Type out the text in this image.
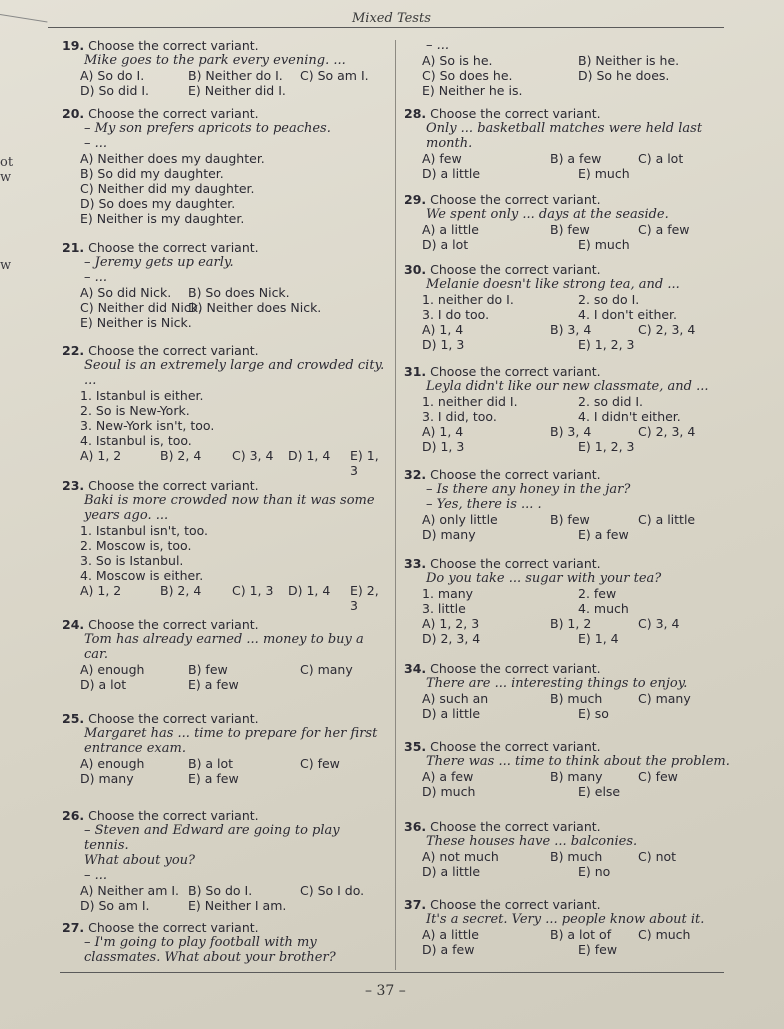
ot
w
w
Mixed Tests
19. Choose the correct variant.
Mike goes to the park every evening. ...
A) So do I.	B) Neither do I. C) So am I.
D) So did I.	E) Neither did I.
20. Choose the correct variant.
– My son prefers apricots to peaches.
– ...
A) Neither does my daughter.
B) So did my daughter.
C) Neither did my daughter.
D) So does my daughter.
E) Neither is my daughter.
21. Choose the correct variant.
– Jeremy gets up early.
– ...
A) So did Nick. B) So does Nick.
C) Neither did Nick.
D) Neither does Nick.
E) Neither is Nick.
22. Choose the correct variant.
Seoul is an extremely large and crowded city.
...
1. Istanbul is either.
2. So is New-York.
3. New-York isn't, too.
4. Istanbul is, too.
A) 1, 2	B) 2, 4 C) 3, 4 D) 1, 4 E) 1, 3
23. Choose the correct variant.
Baki is more crowded now than it was some
years ago. ...
1. Istanbul isn't, too.
2. Moscow is, too.
3. So is Istanbul.
4. Moscow is either.
A) 1, 2	B) 2, 4 C) 1, 3 D) 1, 4 E) 2, 3
24. Choose the correct variant.
Tom has already earned ... money to buy a
car.
A) enough	B) few	C) many
D) a lot	E) a few
25. Choose the correct variant.
Margaret has ... time to prepare for her first
entrance exam.
A) enough	B) a lot	C) few
D) many	E) a few
26. Choose the correct variant.
– Steven and Edward are going to play tennis.
What about you?
– ...
A) Neither am I. B) So do I.	C) So I do.
D) So am I.	E) Neither I am.
27. Choose the correct variant.
– I'm going to play football with my
classmates. What about your brother?
– ...
A) So is he.	B) Neither is he.
C) So does he.	D) So he does.
E) Neither he is.
28. Choose the correct variant.
Only ... basketball matches were held last
month.
A) few	B) a few	C) a lot
D) a little	E) much
29. Choose the correct variant.
We spent only ... days at the seaside.
A) a little	B) few	C) a few
D) a lot	E) much
30. Choose the correct variant.
Melanie doesn't like strong tea, and ...
1. neither do I.	2. so do I.
3. I do too.	4. I don't either.
A) 1, 4	B) 3, 4	C) 2, 3, 4
D) 1, 3	E) 1, 2, 3
31. Choose the correct variant.
Leyla didn't like our new classmate, and ...
1. neither did I.	2. so did I.
3. I did, too.	4. I didn't either.
A) 1, 4	B) 3, 4	C) 2, 3, 4
D) 1, 3	E) 1, 2, 3
32. Choose the correct variant.
– Is there any honey in the jar?
– Yes, there is ... .
A) only little	B) few	C) a little
D) many	E) a few
33. Choose the correct variant.
Do you take ... sugar with your tea?
1. many	2. few
3. little	4. much
A) 1, 2, 3	B) 1, 2	C) 3, 4
D) 2, 3, 4	E) 1, 4
34. Choose the correct variant.
There are ... interesting things to enjoy.
A) such an	B) much	C) many
D) a little	E) so
35. Choose the correct variant.
There was ... time to think about the problem.
A) a few	B) many	C) few
D) much	E) else
36. Choose the correct variant.
These houses have ... balconies.
A) not much	B) much	C) not
D) a little	E) no
37. Choose the correct variant.
It's a secret. Very ... people know about it.
A) a little	B) a lot of C) much
D) a few	E) few
– 37 –
